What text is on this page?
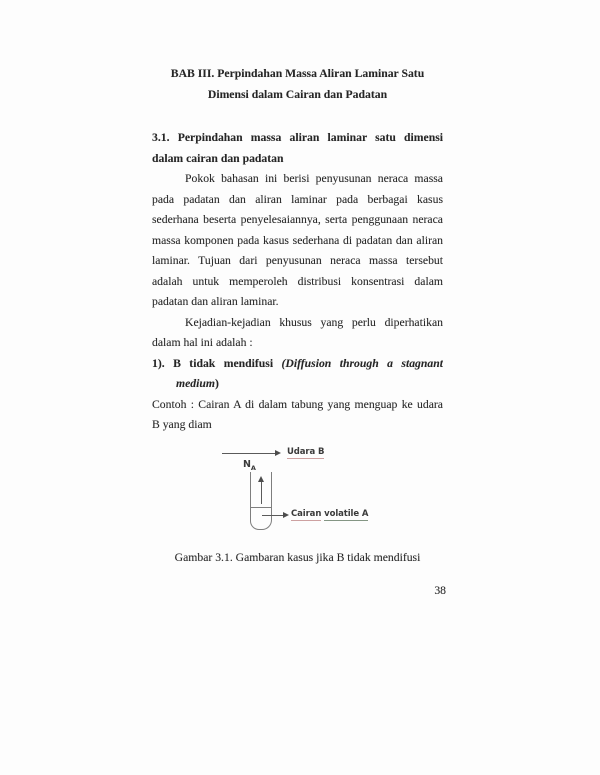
BAB III. Perpindahan Massa Aliran Laminar Satu
Dimensi dalam Cairan dan Padatan
3.1. Perpindahan massa aliran laminar satu dimensi
dalam cairan dan padatan
Pokok bahasan ini berisi penyusunan neraca massa
pada padatan dan aliran laminar pada berbagai kasus
sederhana beserta penyelesaiannya, serta penggunaan neraca
massa komponen pada kasus sederhana di padatan dan aliran
laminar. Tujuan dari penyusunan neraca massa tersebut
adalah untuk memperoleh distribusi konsentrasi dalam
padatan dan aliran laminar.
Kejadian-kejadian khusus yang perlu diperhatikan
dalam hal ini adalah :
1). B tidak mendifusi (Diffusion through a stagnant
medium)
Contoh : Cairan A di dalam tabung yang menguap ke udara
B yang diam
Udara B
$N_A$
Cairan volatile A
Gambar 3.1. Gambaran kasus jika B tidak mendifusi
38
